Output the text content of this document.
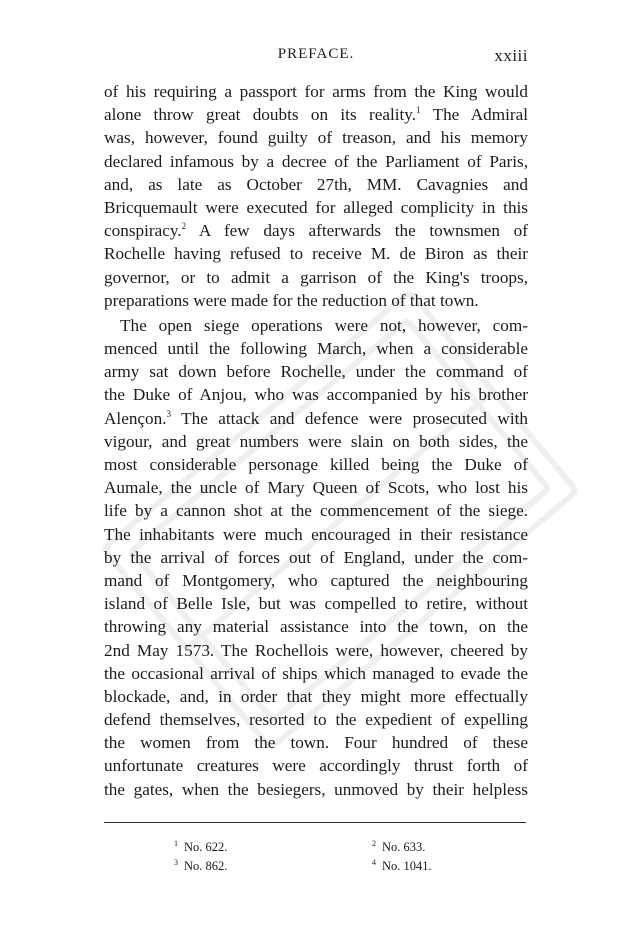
PREFACE.	xxiii
of his requiring a passport for arms from the King would
alone throw great doubts on its reality.$^1$ The Admiral
was, however, found guilty of treason, and his memory
declared infamous by a decree of the Parliament of Paris,
and, as late as October 27th, MM. Cavagnies and
Bricquemault were executed for alleged complicity in this
conspiracy.$^2$ A few days afterwards the townsmen of
Rochelle having refused to receive M. de Biron as their
governor, or to admit a garrison of the King's troops,
preparations were made for the reduction of that town.
The open siege operations were not, however, com-
menced until the following March, when a considerable
army sat down before Rochelle, under the command of
the Duke of Anjou, who was accompanied by his brother
Alençon.$^3$ The attack and defence were prosecuted with
vigour, and great numbers were slain on both sides, the
most considerable personage killed being the Duke of
Aumale, the uncle of Mary Queen of Scots, who lost his
life by a cannon shot at the commencement of the siege.
The inhabitants were much encouraged in their resistance
by the arrival of forces out of England, under the com-
mand of Montgomery, who captured the neighbouring
island of Belle Isle, but was compelled to retire, without
throwing any material assistance into the town, on the
2nd May 1573. The Rochellois were, however, cheered by
the occasional arrival of ships which managed to evade the
blockade, and, in order that they might more effectually
defend themselves, resorted to the expedient of expelling
the women from the town. Four hundred of these
unfortunate creatures were accordingly thrust forth of
the gates, when the besiegers, unmoved by their helpless
$^1$ No. 622.	$^2$ No. 633.
$^3$ No. 862.	$^4$ No. 1041.
